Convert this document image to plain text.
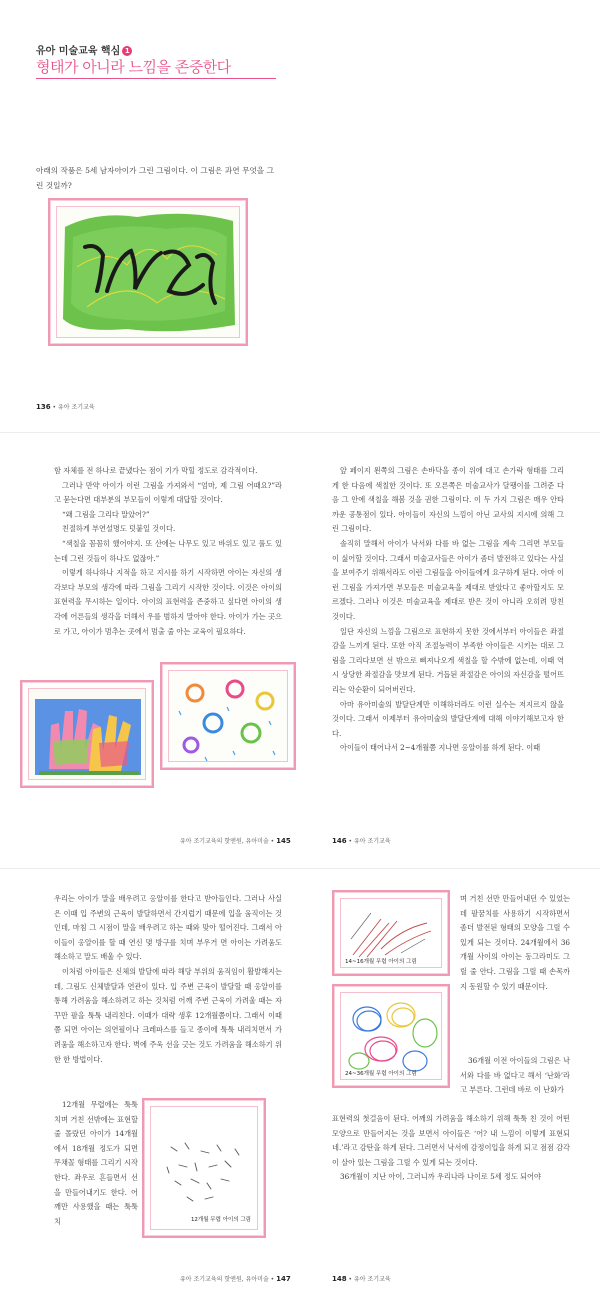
유아 미술교육 핵심 1
형태가 아니라 느낌을 존중한다
아래의 작품은 5세 남자아이가 그린 그림이다. 이 그림은 과연 무엇을 그린 것일까?
136 • 유아 조기교육

함 자체를 전 하나로 끝냈다는 점이 기가 막힐 정도로 감각적이다.

그러나 만약 아이가 이런 그림을 가져와서 “엄마, 제 그림 어때요?”라고 묻는다면 대부분의 부모들이 이렇게 대답할 것이다.

“왜 그림을 그리다 말았어?”

친절하게 부연설명도 덧붙일 것이다.

“색칠을 꼼꼼히 했어야지. 또 산에는 나무도 있고 바위도 있고 풀도 있는데 그런 것들이 하나도 없잖아.”

이렇게 하나하나 지적을 하고 지시를 하기 시작하면 아이는 자신의 생각보다 부모의 생각에 따라 그림을 그리기 시작한 것이다. 이것은 아이의 표현력을 무시하는 일이다. 아이의 표현력을 존중하고 싶다면 아이의 생각에 어른들의 생각을 더해서 우를 범하지 말아야 한다. 아이가 가는 곳으로 가고, 아이가 멈추는 곳에서 멈출 줄 아는 교육이 필요하다.

유아 조기교육의 핫앤원, 유아미술 • 145

앞 페이지 왼쪽의 그림은 손바닥을 종이 위에 대고 손가락 형태를 그리게 한 다음에 색칠한 것이다. 또 오른쪽은 미술교사가 달팽이를 그려준 다음 그 안에 색칠을 해봄 것을 권한 그림이다. 이 두 가지 그림은 매우 안타까운 공통점이 있다. 아이들이 자신의 느낌이 아닌 교사의 지시에 의해 그린 그림이다.

솔직히 말해서 아이가 낙서와 다를 바 없는 그림을 계속 그리면 부모들이 싫어할 것이다. 그래서 미술교사들은 아이가 좀더 발전하고 있다는 사실을 보여주기 위해서라도 이런 그림들을 아이들에게 요구하게 된다. 아마 이런 그림을 가져가면 부모들은 미술교육을 제대로 받았다고 좋아할지도 모르겠다. 그러나 이것은 미술교육을 제대로 받은 것이 아니라 오히려 망친 것이다.

일단 자신의 느낌을 그림으로 표현하지 못한 것에서부터 아이들은 좌절감을 느끼게 된다. 또한 아직 조절능력이 부족한 아이들은 시키는 대로 그림을 그리다보면 선 밖으로 삐져나오게 색칠을 할 수밖에 없는데, 이때 역시 상당한 좌절감을 맛보게 된다. 거듭된 좌절감은 아이의 자신감을 떨어뜨리는 악순환이 되어버린다.

아마 유아미술의 발달단계만 이해하더라도 이런 실수는 저지르지 않을 것이다. 그래서 이제부터 유아미술의 발달단계에 대해 이야기해보고자 한다.

아이들이 태어나서 2~4개월쯤 지나면 옹알이를 하게 된다. 이때

146 • 유아 조기교육

우리는 아이가 말을 배우려고 옹알이를 한다고 받아들인다. 그러나 사실은 이때 입 주변의 근육이 발달하면서 간지럽기 때문에 입을 움직이는 것인데, 마침 그 시점이 말을 배우려고 하는 때와 맞아 떨어진다. 그래서 아이들이 옹알이를 할 때 연신 몇 방구를 치며 부우거 면 아이는 가려움도 해소하고 말도 배울 수 있다.

이처럼 아이들은 신체의 발달에 따라 해당 부위의 움직임이 활발해지는데, 그림도 신체발달과 연관이 있다. 입 주변 근육이 발달할 때 옹알이를 통해 가려움을 해소하려고 하는 것처럼 어깨 주변 근육이 가려울 때는 자꾸만 팔을 툭툭 내리친다. 이때가 대략 생후 12개월쯤이다. 그래서 이때쯤 되면 아이는 의연필이나 크레파스를 들고 종이에 툭툭 내리치면서 가려움을 해소하고자 한다. 벽에 주욱 선을 긋는 것도 가려움을 해소하기 위한 한 방법이다.

12개월 무렵에는 툭툭 치며 거친 선밖에는 표현할 줄 몰랐던 아이가 14개월에서 18개월 정도가 되면 무채꼴 형태를 그리기 시작한다. 좌우로 흔들면서 선을 만들어내기도 한다. 어깨만 사용했을 때는 툭툭 치	12개월 무렵 아이의 그림
유아 조기교육의 핫앤원, 유아미술 • 147
14~16개월 무렵 아이의 그림
24~36개월 무렵 아이의 그림
며 거친 선만 만들어내던 수 있었는데 팔꿈치를 사용하기 시작하면서 좀더 발전된 형태의 모양을 그릴 수 있게 되는 것이다. 24개월에서 36개월 사이의 아이는 동그라미도 그릴 줄 안다. 그림을 그릴 때 손목까지 동원할 수 있기 때문이다.
36개월 이전 아이들의 그림은 낙서와 다를 바 없다고 해서 ‘난화’라고 부른다. 그런데 바로 이 난화가

표현력의 첫걸음이 된다. 어깨의 가려움을 해소하기 위해 툭툭 친 것이 어떤 모양으로 만들어지는 것을 보면서 아이들은 ‘어? 내 느낌이 이렇게 표현되네.’라고 감탄을 하게 된다. 그러면서 낙서에 감정이입을 하게 되고 점점 감각이 살아 있는 그림을 그릴 수 있게 되는 것이다.

36개월이 지난 아이, 그러니까 우리나라 나이로 5세 정도 되어야

148 • 유아 조기교육
